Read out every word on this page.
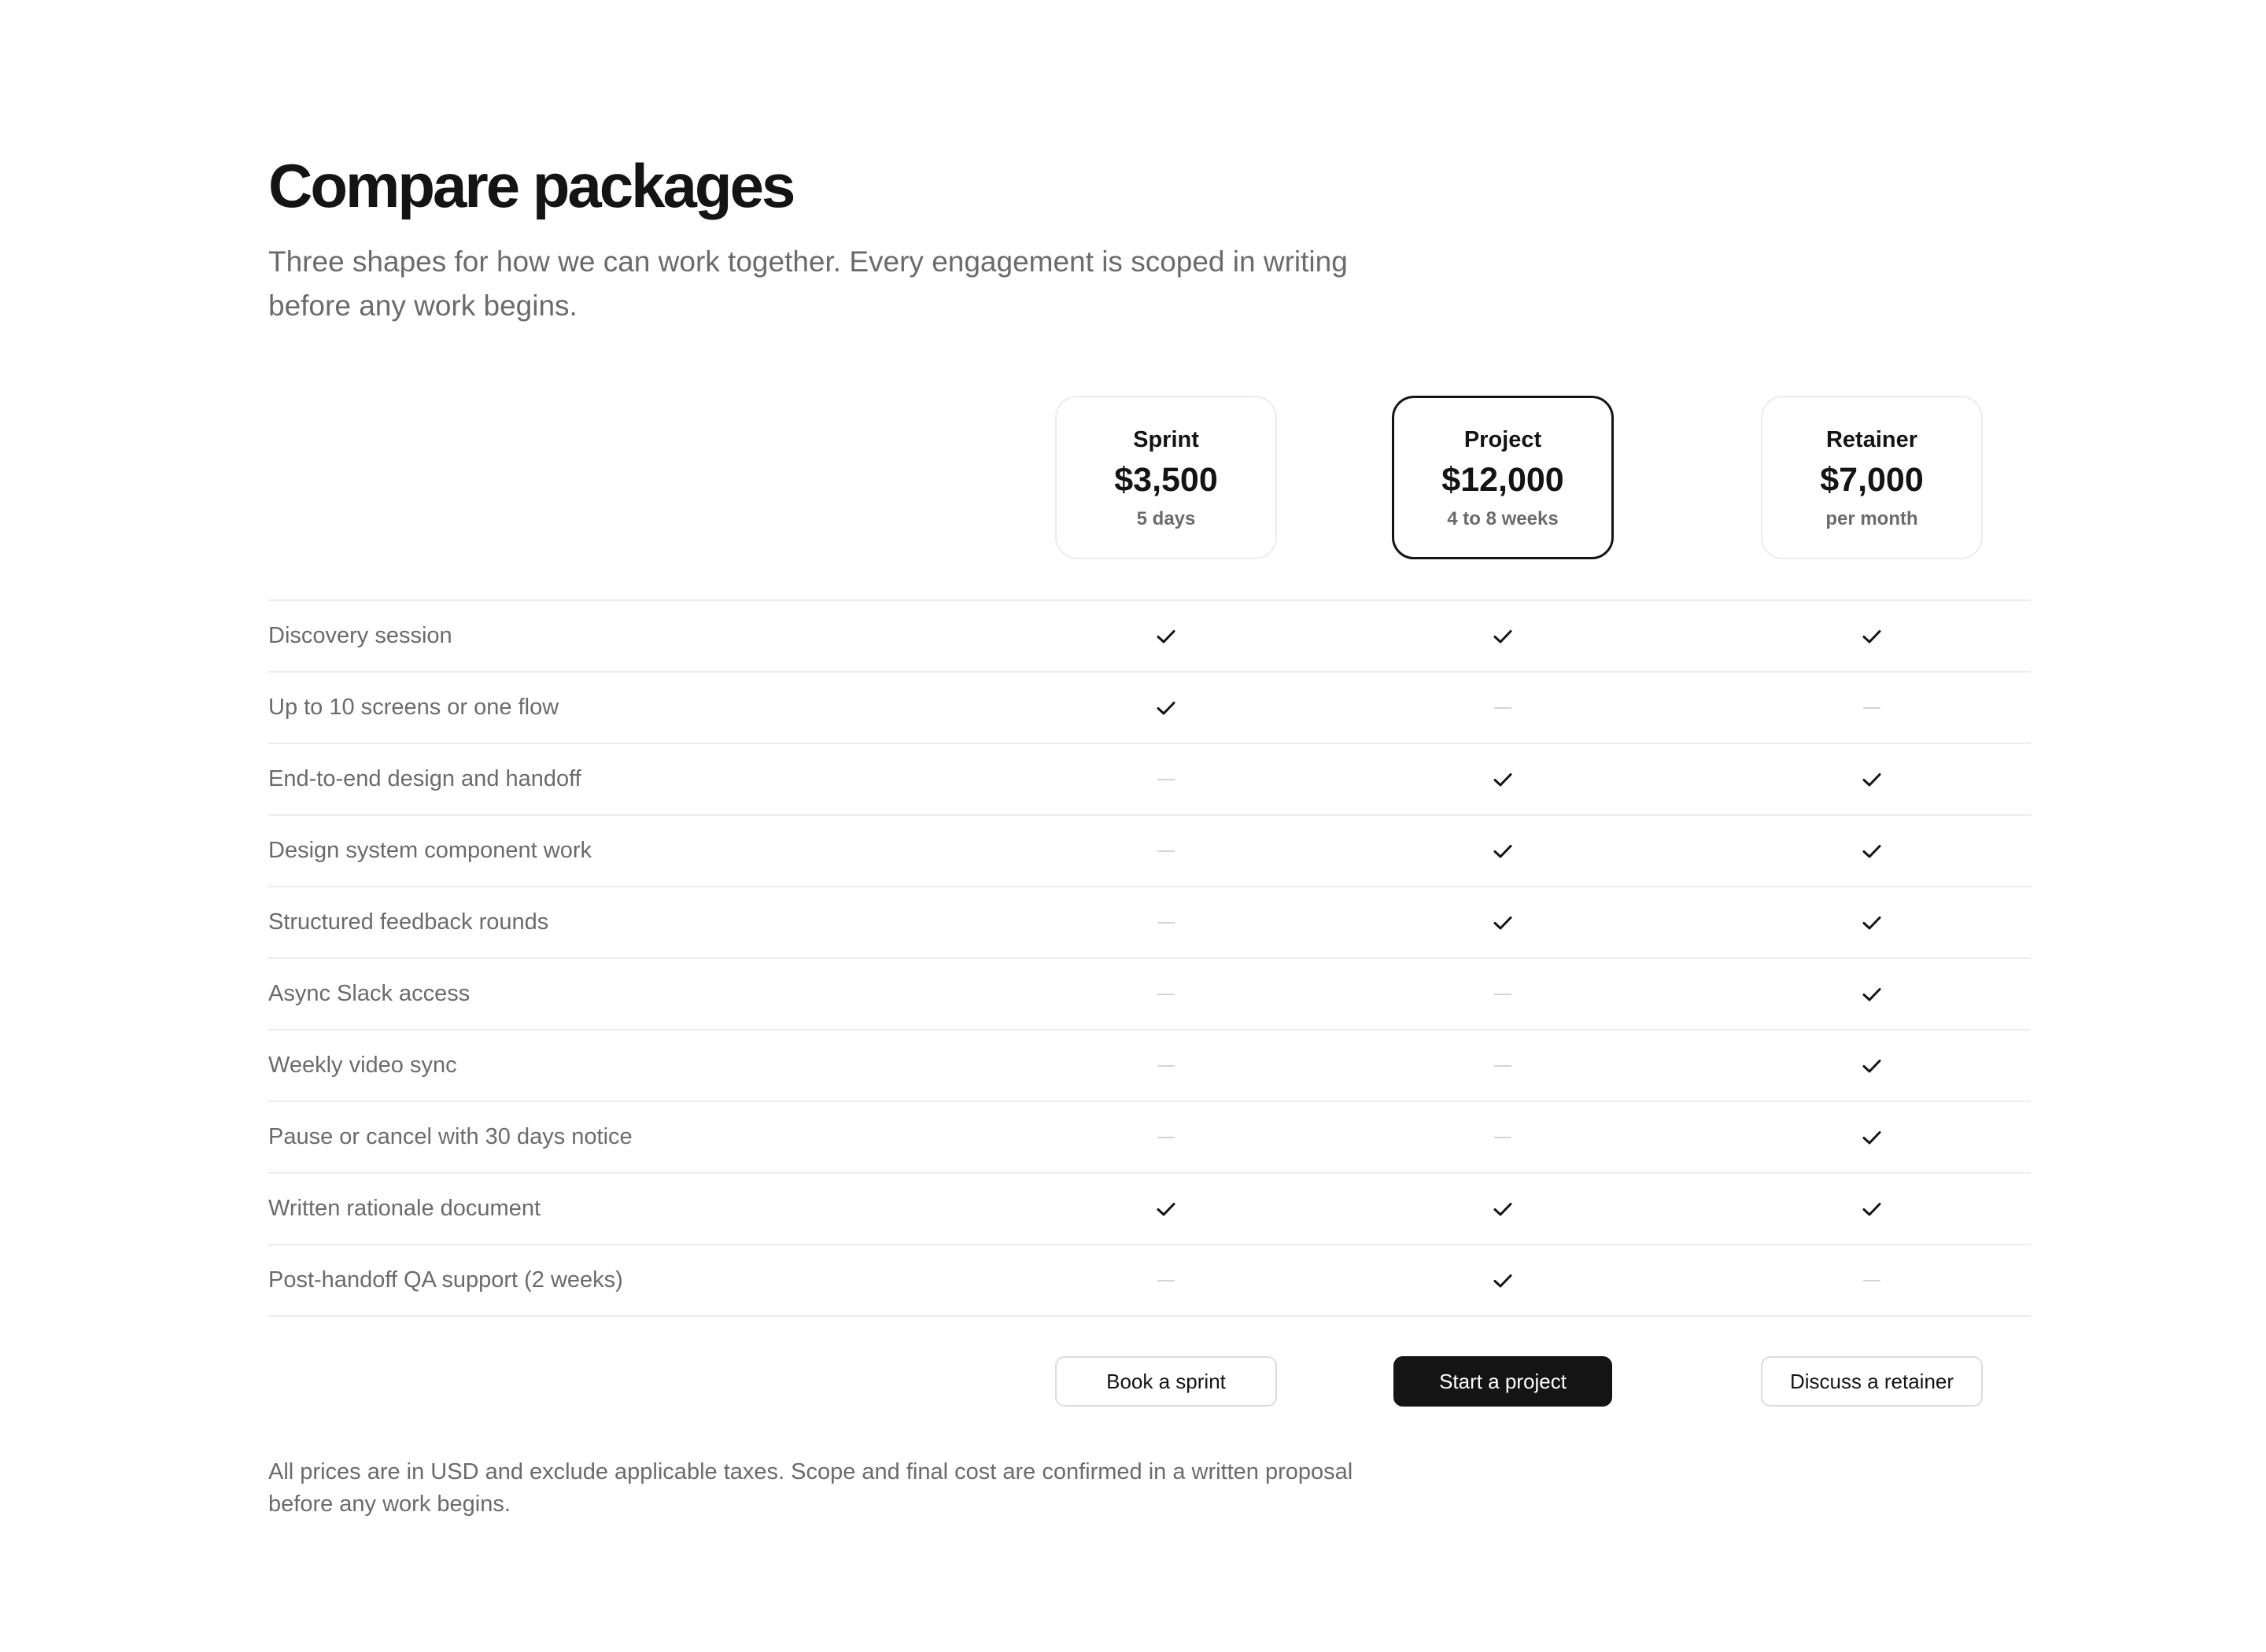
Compare packages

Three shapes for how we can work together. Every engagement is scoped in writing before any work begins.

Sprint
$3,500
5 days
Project
$12,000
4 to 8 weeks
Retainer
$7,000
per month
Discovery session
Up to 10 screens or one flow
End-to-end design and handoff
Design system component work
Structured feedback rounds
Async Slack access
Weekly video sync
Pause or cancel with 30 days notice
Written rationale document
Post-handoff QA support (2 weeks)
Book a sprint	Start a project	Discuss a retainer

All prices are in USD and exclude applicable taxes. Scope and final cost are confirmed in a written proposal before any work begins.
